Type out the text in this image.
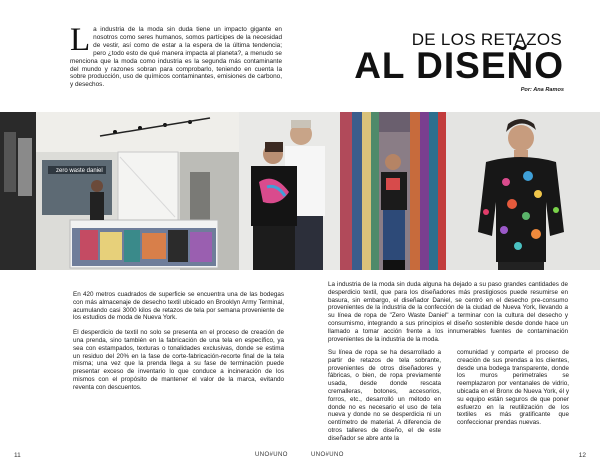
La industria de la moda sin duda tiene un impacto gigante en nosotros como seres humanos, somos partícipes de la necesidad de vestir, así como de estar a la espera de la última tendencia; pero ¿todo esto de qué manera impacta al planeta?, a menudo se menciona que la moda como industria es la segunda más contaminante del mundo y razones sobran para comprobarlo, teniendo en cuenta la sobre producción, uso de químicos contaminantes, emisiones de carbono, y desechos.
DE LOS RETAZOS
AL DISEÑO
Por: Ana Ramos
zero waste daniel

En 420 metros cuadrados de superficie se encuentra una de las bodegas con más almacenaje de desecho textil ubicado en Brooklyn Army Terminal, acumulando casi 3000 kilos de retazos de tela por semana proveniente de los estudios de moda de Nueva York.

El desperdicio de textil no solo se presenta en el proceso de creación de una prenda, sino también en la fabricación de una tela en específico, ya sea con estampados, texturas o tonalidades exclusivas, donde se estima un residuo del 20% en la fase de corte-fabricación-recorte final de la tela misma; una vez que la prenda llega a su fase de terminación puede presentar exceso de inventario lo que conduce a incineración de los mismos con el propósito de mantener el valor de la marca, evitando reventa con descuentos.

La industria de la moda sin duda alguna ha dejado a su paso grandes cantidades de desperdicio textil, que para los diseñadores más prestigiosos puede resumirse en basura, sin embargo, el diseñador Daniel, se centró en el desecho pre-consumo provenientes de la industria de la confección de la ciudad de Nueva York, llevando a su línea de ropa de "Zero Waste Daniel" a terminar con la cultura del desecho y consumismo, integrando a sus principios el diseño sostenible desde donde hace un llamado a tomar acción frente a los innumerables fuentes de contaminación provenientes de la industria de la moda.

Su línea de ropa se ha desarrollado a partir de retazos de tela sobrante, provenientes de otros diseñadores y fábricas, o bien, de ropa previamente usada, desde donde rescata cremalleras, botones, accesorios, forros, etc., desarrolló un método en donde no es necesario el uso de tela nueva y donde no se desperdicia ni un centímetro de material. A diferencia de otros talleres de diseño, el de este diseñador se abre ante la

comunidad y comparte el proceso de creación de sus prendas a los clientes, desde una bodega transparente, donde los muros perimetrales se reemplazaron por ventanales de vidrio, ubicada en el Bronx de Nueva York, él y su equipo están seguros de que poner esfuerzo en la reutilización de los textiles es más gratificante que confeccionar prendas nuevas.

11	UNO#UNO	UNO#UNO	12
